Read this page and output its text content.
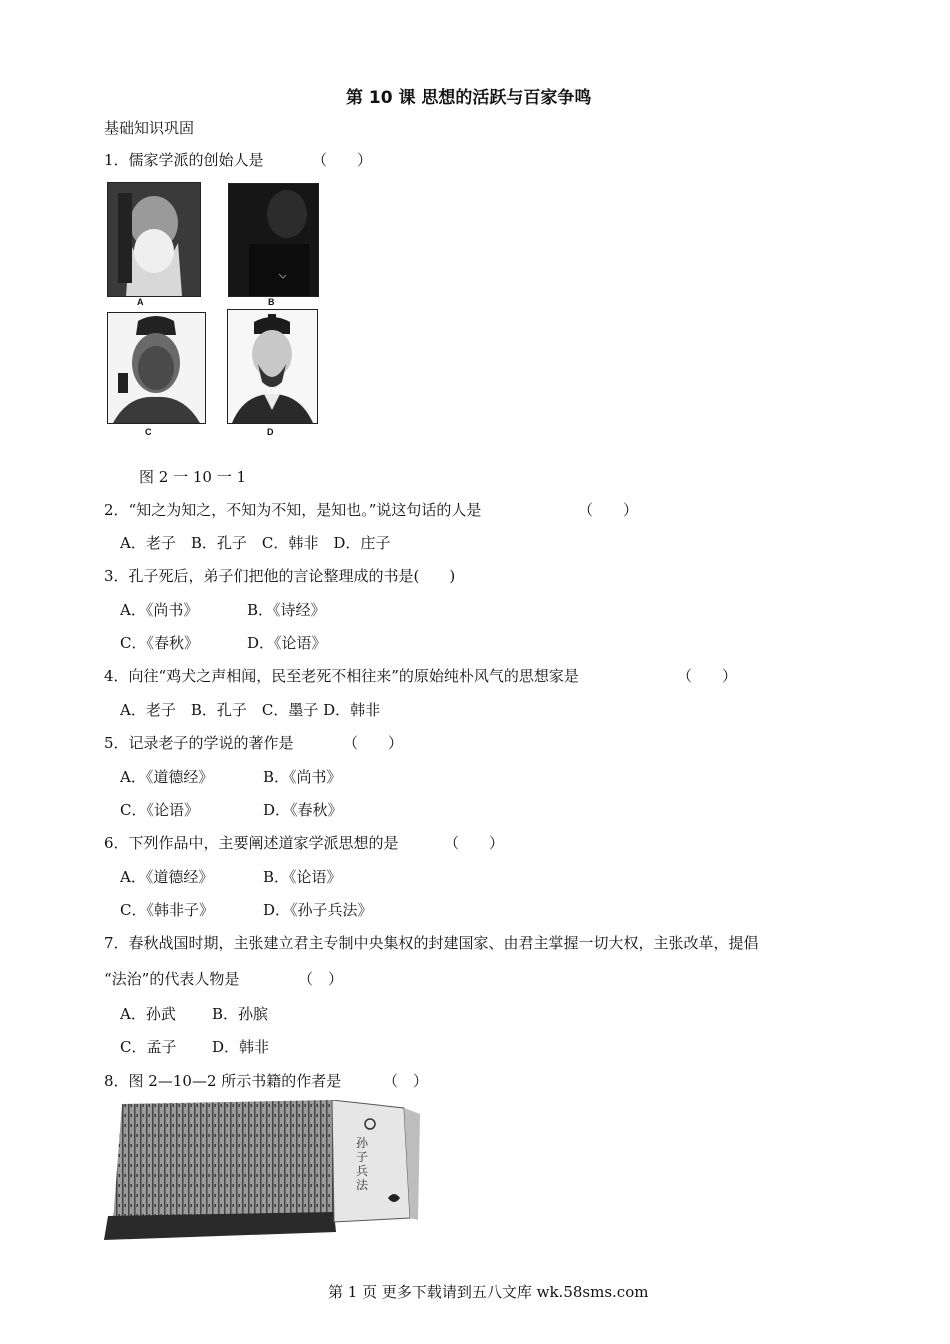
第 10 课 思想的活跃与百家争鸣
基础知识巩固
1．儒家学派的创始人是	（　　）
A	B
C	D
图 2 一 10 一 1
2．“知之为知之，不知为不知，是知也。”说这句话的人是	（　　）
A．老子　B．孔子　C．韩非　D．庄子
3．孔子死后，弟子们把他的言论整理成的书是(　　)
A．《尚书》	B．《诗经》
C．《春秋》	D．《论语》
4．向往“鸡犬之声相闻，民至老死不相往来”的原始纯朴风气的思想家是	（　　）
A．老子　B．孔子　C．墨子 D．韩非
5．记录老子的学说的著作是	（　　）
A．《道德经》	B．《尚书》
C．《论语》	D．《春秋》
6．下列作品中，主要阐述道家学派思想的是	（　　）
A．《道德经》	B．《论语》
C．《韩非子》	D．《孙子兵法》
7．春秋战国时期，主张建立君主专制中央集权的封建国家、由君主掌握一切大权，主张改革，提倡
“法治”的代表人物是	（　）
A．孙武 B．孙膑
C．孟子 D．韩非
8．图 2—10—2 所示书籍的作者是	（　）
孙子兵法
第 1 页 更多下载请到五八文库 wk.58sms.com
